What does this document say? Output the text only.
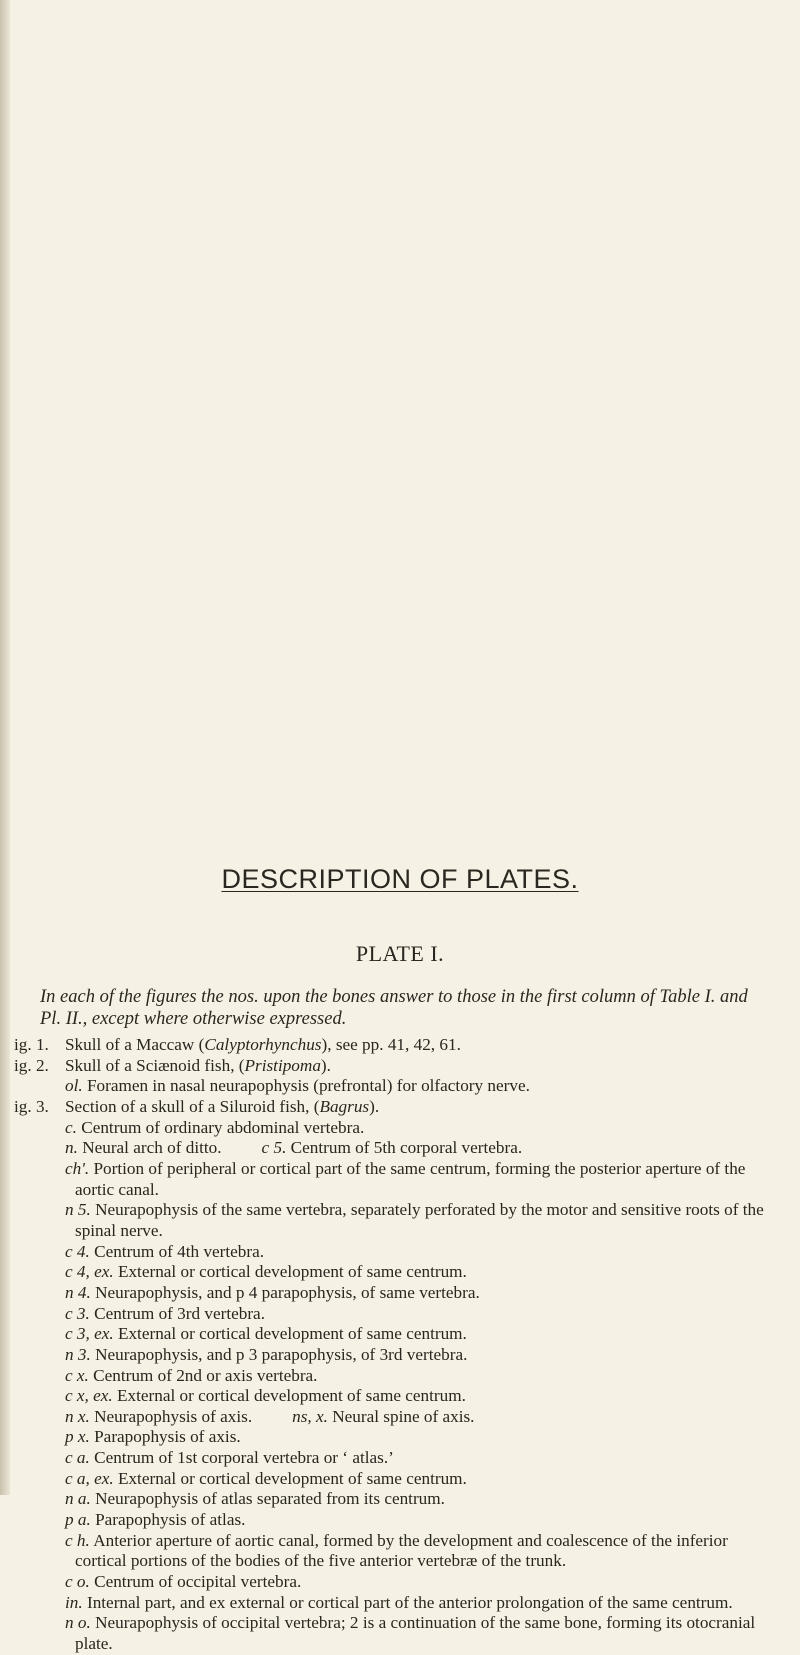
DESCRIPTION OF PLATES.
PLATE I.

In each of the figures the nos. upon the bones answer to those in the first column of Table I. and Pl. II., except where otherwise expressed.

ig. 1. Skull of a Maccaw (Calyptorhynchus), see pp. 41, 42, 61.
ig. 2. Skull of a Sciænoid fish, (Pristipoma).
ol. Foramen in nasal neurapophysis (prefrontal) for olfactory nerve.
ig. 3. Section of a skull of a Siluroid fish, (Bagrus).
c. Centrum of ordinary abdominal vertebra.
n. Neural arch of ditto. c 5. Centrum of 5th corporal vertebra.
ch'. Portion of peripheral or cortical part of the same centrum, forming the posterior aperture of the aortic canal.
n 5. Neurapophysis of the same vertebra, separately perforated by the motor and sensitive roots of the spinal nerve.
c 4. Centrum of 4th vertebra.
c 4, ex. External or cortical development of same centrum.
n 4. Neurapophysis, and p 4 parapophysis, of same vertebra.
c 3. Centrum of 3rd vertebra.
c 3, ex. External or cortical development of same centrum.
n 3. Neurapophysis, and p 3 parapophysis, of 3rd vertebra.
c x. Centrum of 2nd or axis vertebra.
c x, ex. External or cortical development of same centrum.
n x. Neurapophysis of axis. ns, x. Neural spine of axis.
p x. Parapophysis of axis.
c a. Centrum of 1st corporal vertebra or ‘ atlas.’
c a, ex. External or cortical development of same centrum.
n a. Neurapophysis of atlas separated from its centrum.
p a. Parapophysis of atlas.
c h. Anterior aperture of aortic canal, formed by the development and coalescence of the inferior cortical portions of the bodies of the five anterior vertebræ of the trunk.
c o. Centrum of occipital vertebra.
in. Internal part, and ex external or cortical part of the anterior prolongation of the same centrum.
n o. Neurapophysis of occipital vertebra; 2 is a continuation of the same bone, forming its otocranial plate.
